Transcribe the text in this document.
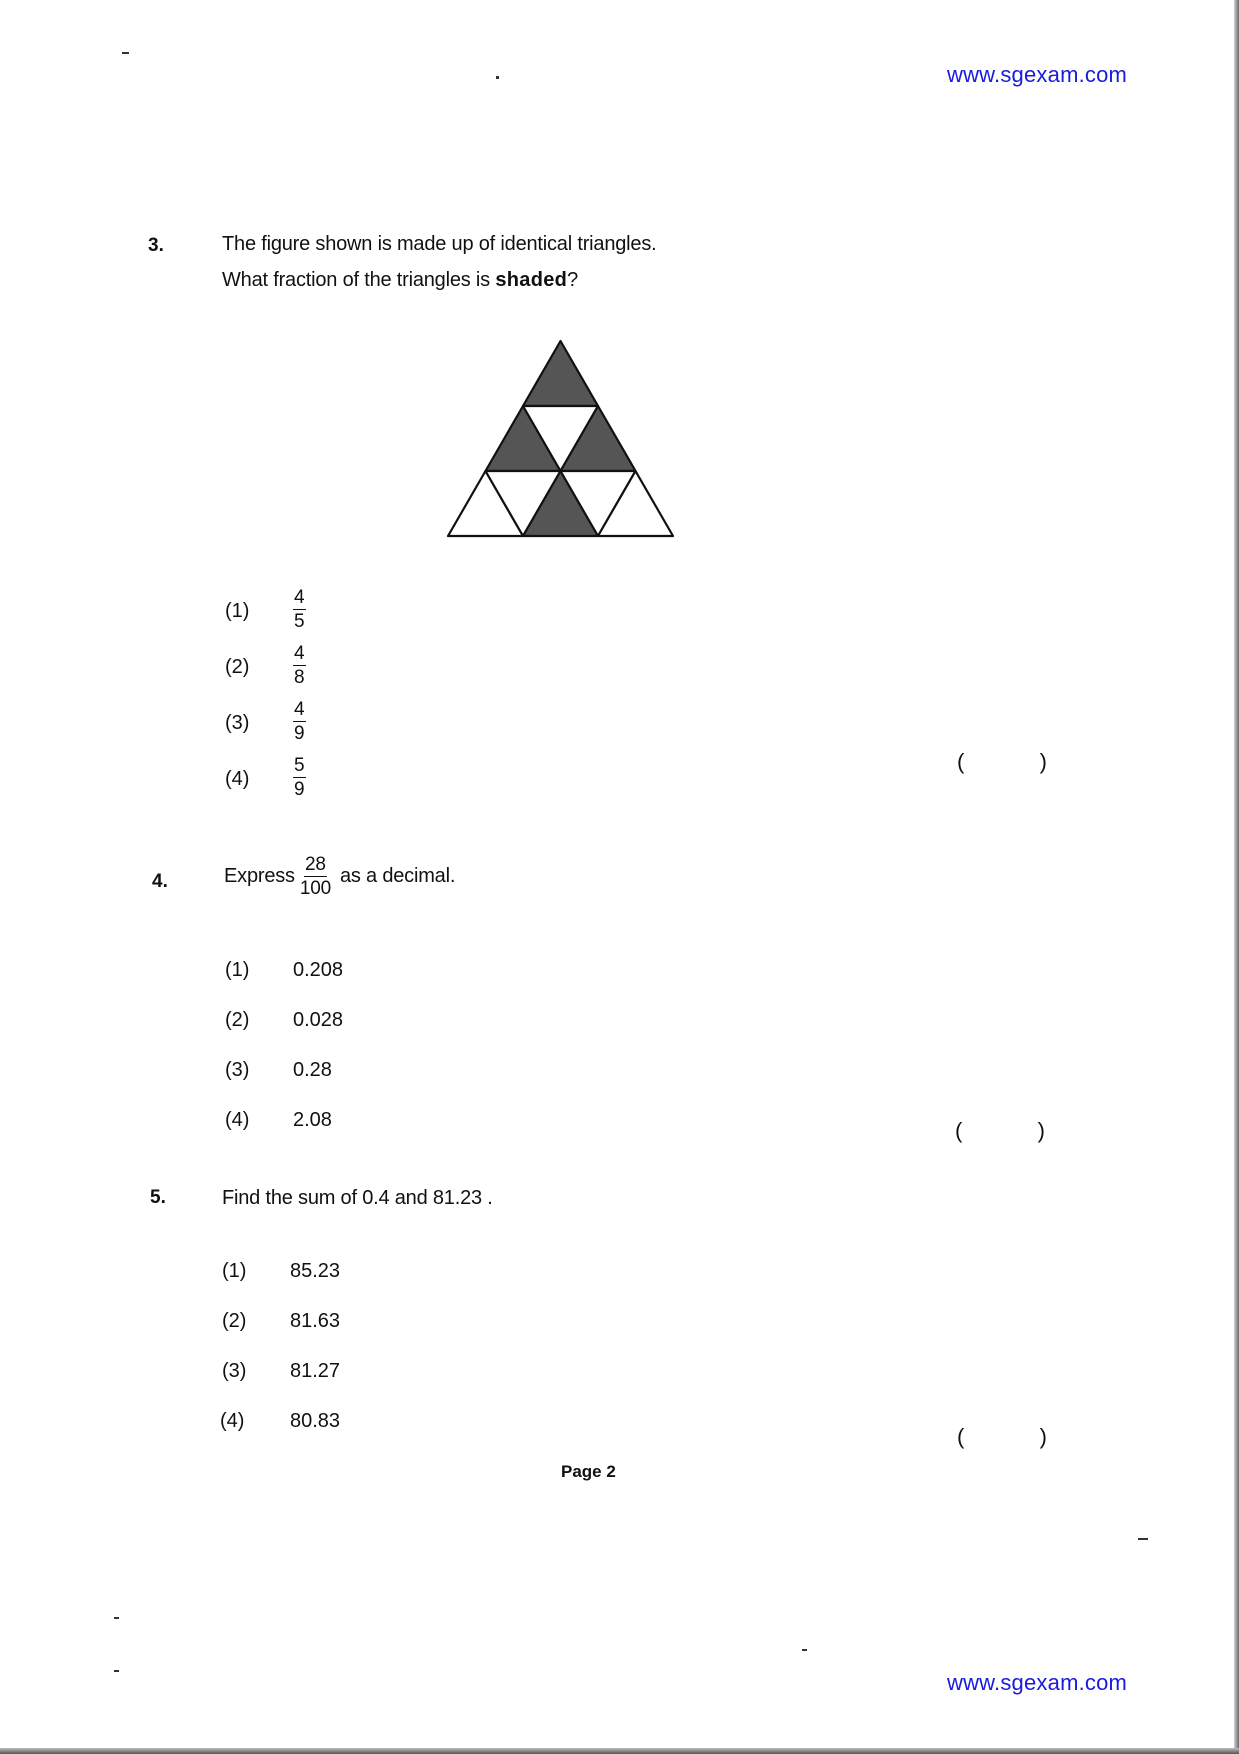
www.sgexam.com
3.	The figure shown is made up of identical triangles.
What fraction of the triangles is shaded?
(1)	$\frac{4}{5}$
(2)	$\frac{4}{8}$
(3)	$\frac{4}{9}$
(4)	$\frac{5}{9}$	(	)
4.	Express $\frac{28}{100}$ as a decimal.
(1)	0.208
(2)	0.028
(3)	0.28
(4)	2.08	(	)
5.	Find the sum of 0.4 and 81.23 .
(1)	85.23
(2)	81.63
(3)	81.27
(4)	80.83
(	)
Page 2
www.sgexam.com
